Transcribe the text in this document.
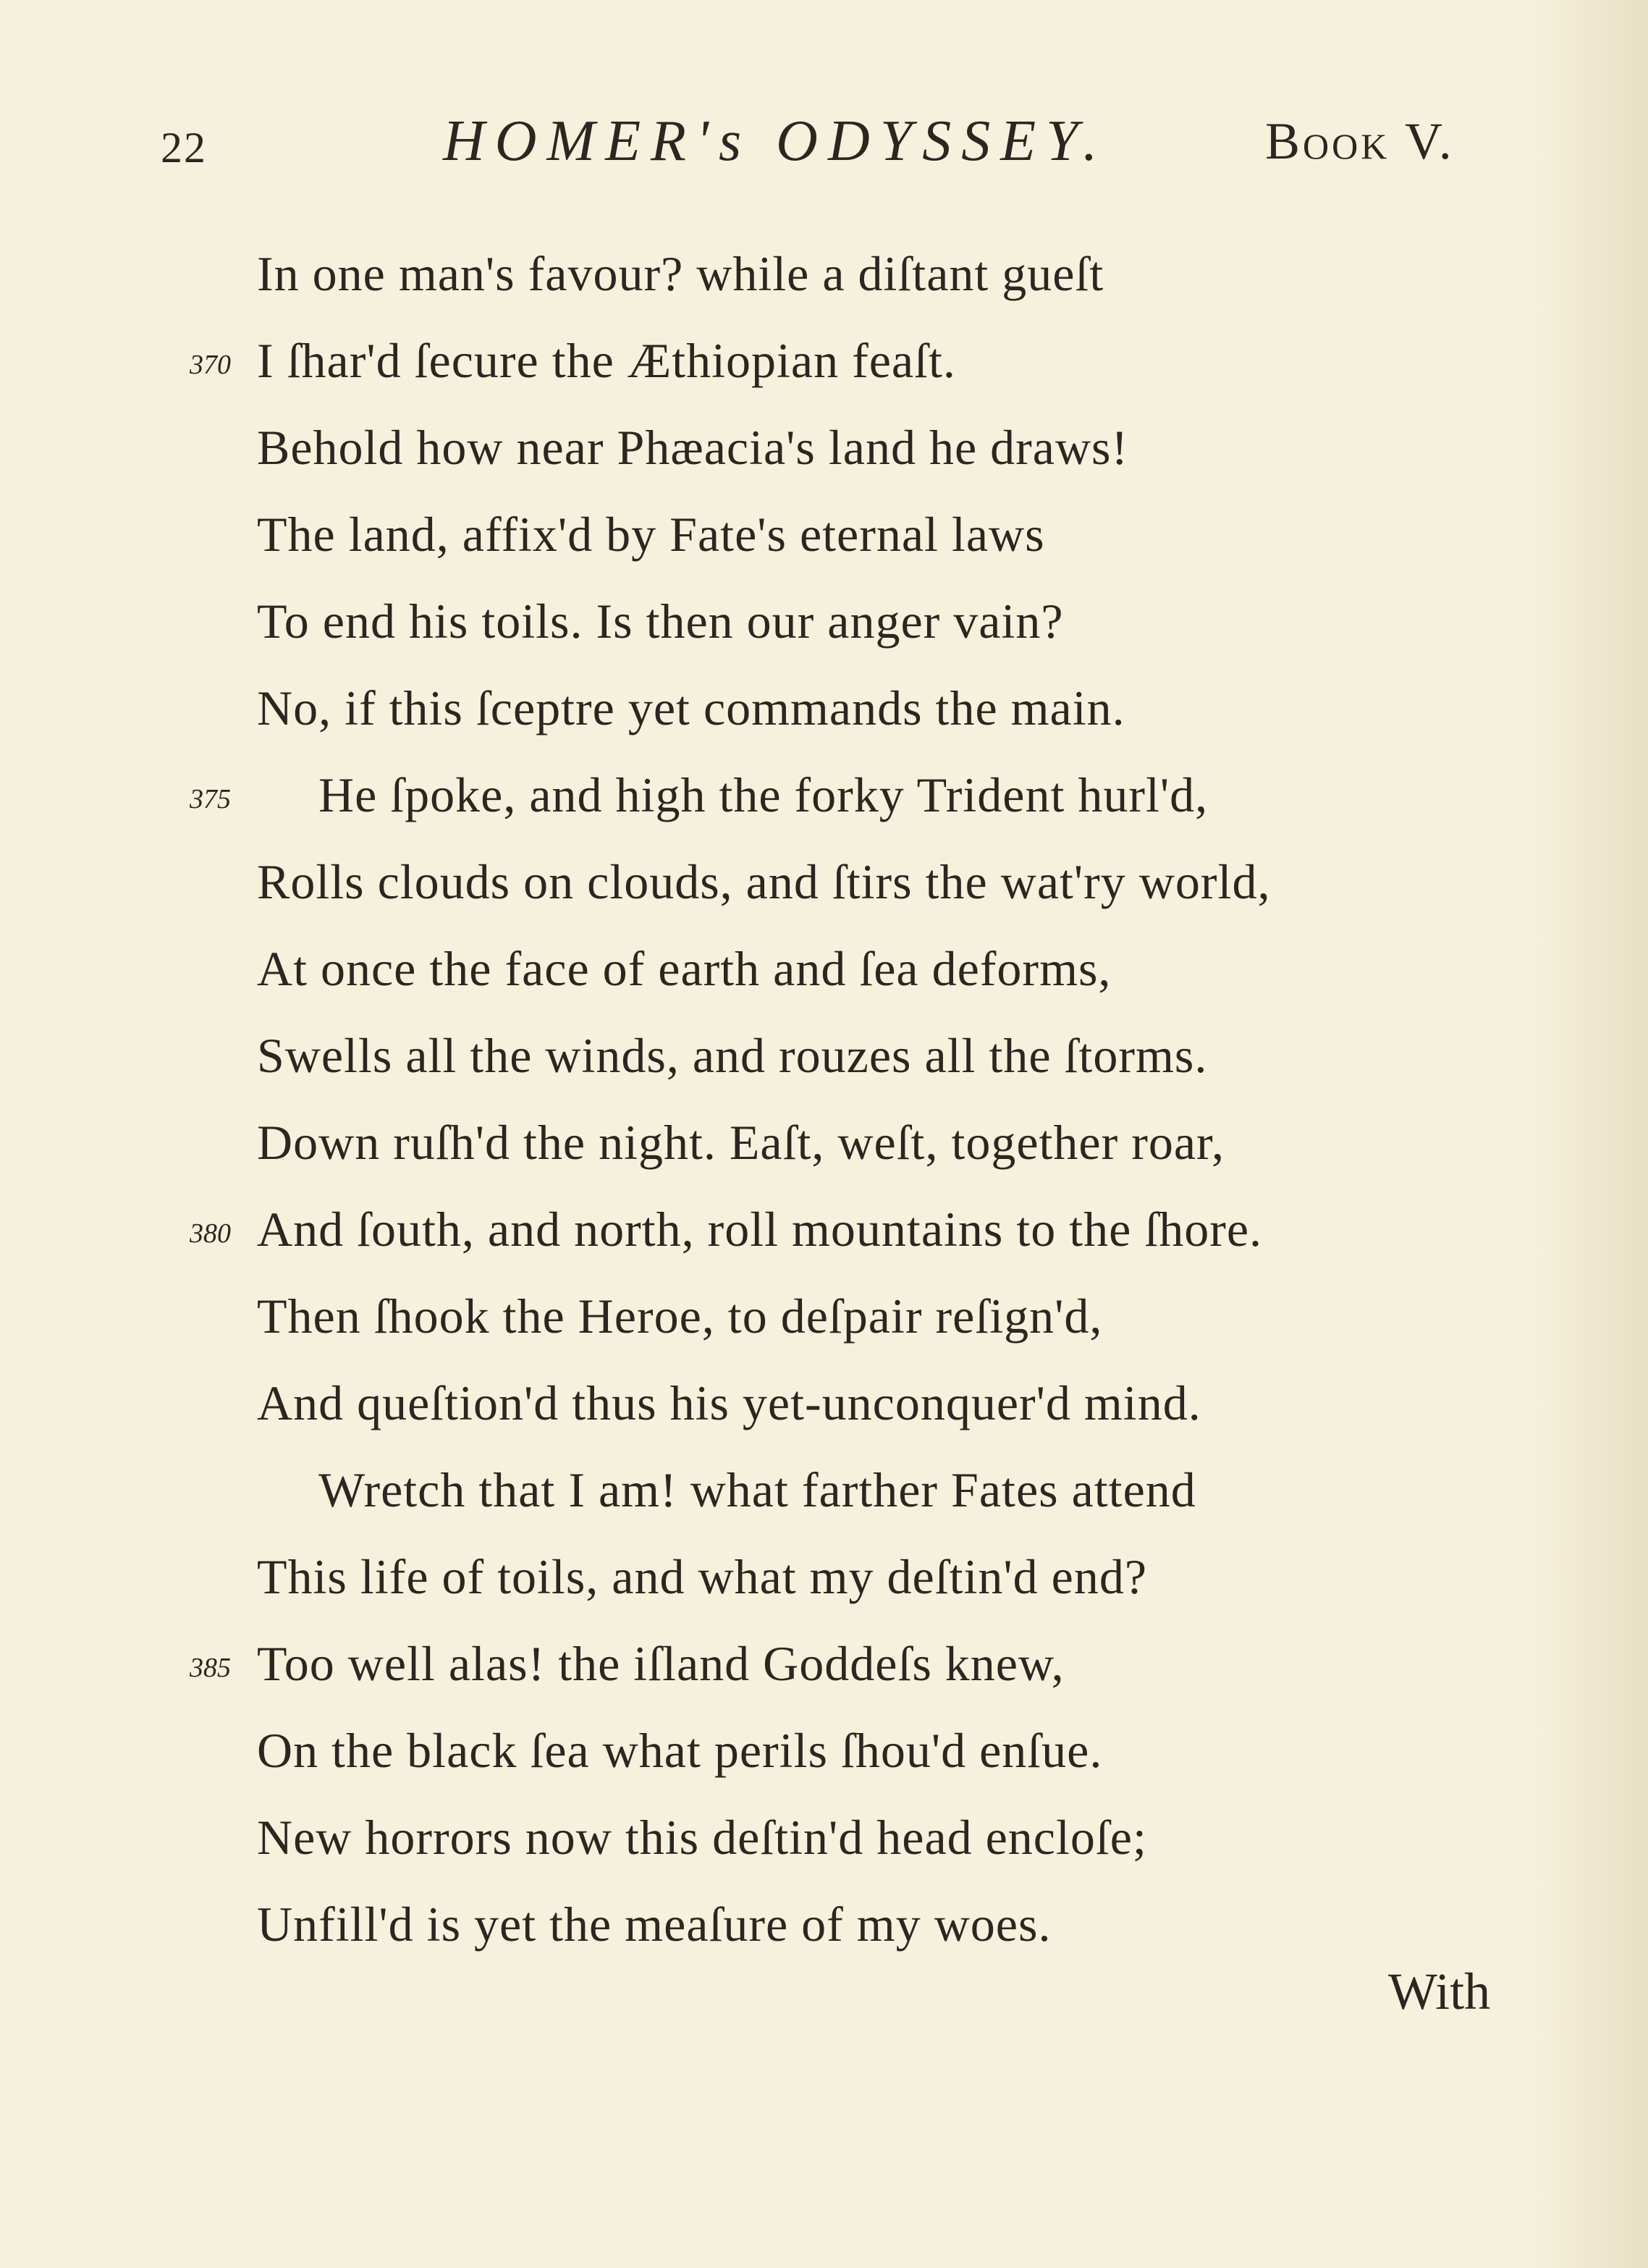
22	HOMER's ODYSSEY.	Book V.
In one man's favour? while a diſtant gueſt
370 I ſhar'd ſecure the Æthiopian feaſt.
Behold how near Phæacia's land he draws!
The land, affix'd by Fate's eternal laws
To end his toils. Is then our anger vain?
No, if this ſceptre yet commands the main.
375 He ſpoke, and high the forky Trident hurl'd,
Rolls clouds on clouds, and ſtirs the wat'ry world,
At once the face of earth and ſea deforms,
Swells all the winds, and rouzes all the ſtorms.
Down ruſh'd the night. Eaſt, weſt, together roar,
380 And ſouth, and north, roll mountains to the ſhore.
Then ſhook the Heroe, to deſpair reſign'd,
And queſtion'd thus his yet-unconquer'd mind.
Wretch that I am! what farther Fates attend
This life of toils, and what my deſtin'd end?
385 Too well alas! the iſland Goddeſs knew,
On the black ſea what perils ſhou'd enſue.
New horrors now this deſtin'd head encloſe;
Unfill'd is yet the meaſure of my woes.
With
